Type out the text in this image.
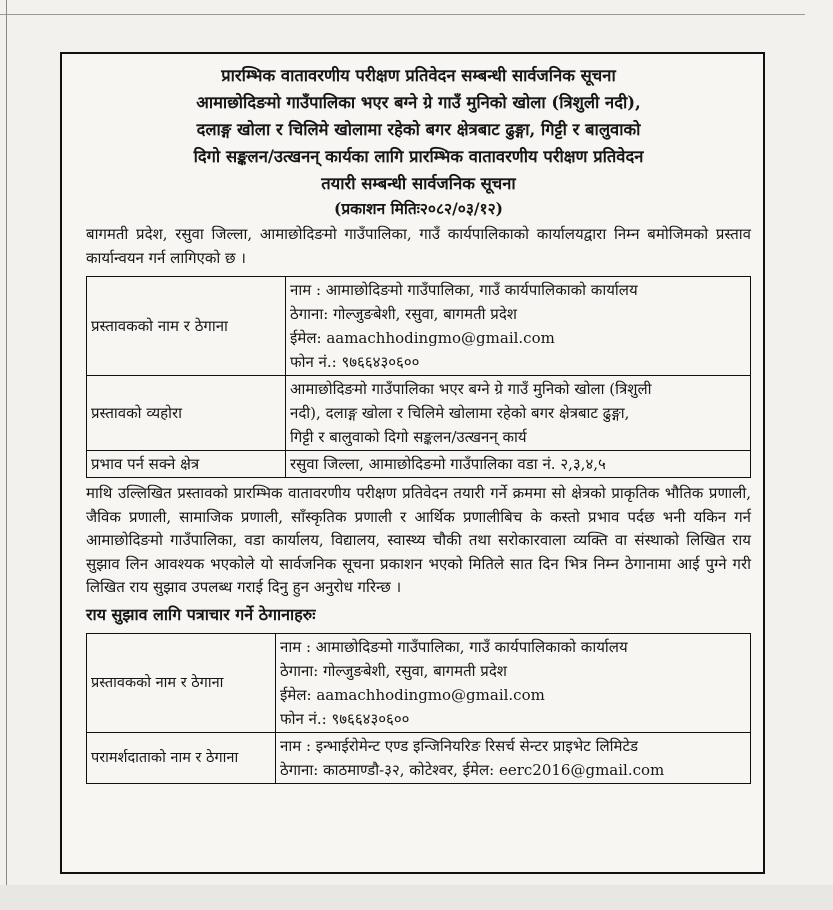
प्रारम्भिक वातावरणीय परीक्षण प्रतिवेदन सम्बन्धी सार्वजनिक सूचना

आमाछोदिङमो गाउँपालिका भएर बग्ने ग्रे गाउँ मुनिको खोला (त्रिशुली नदी),

दलाङ्ग खोला र चिलिमे खोलामा रहेको बगर क्षेत्रबाट ढुङ्गा, गिट्टी र बालुवाको

दिगो सङ्कलन/उत्खनन् कार्यका लागि प्रारम्भिक वातावरणीय परीक्षण प्रतिवेदन

तयारी सम्बन्धी सार्वजनिक सूचना

(प्रकाशन मितिः२०८२/०३/१२)

बागमती प्रदेश, रसुवा जिल्ला, आमाछोदिङमो गाउँपालिका, गाउँ कार्यपालिकाको कार्यालयद्वारा निम्न बमोजिमको प्रस्ताव कार्यान्वयन गर्न लागिएको छ ।

प्रस्तावकको नाम र ठेगाना	नाम : आमाछोदिङमो गाउँपालिका, गाउँ कार्यपालिकाको कार्यालय
ठेगाना: गोल्जुङबेशी, रसुवा, बागमती प्रदेश
ईमेल: aamachhodingmo@gmail.com
फोन नं.: ९७६६४३०६००

प्रस्तावको व्यहोरा	आमाछोदिङमो गाउँपालिका भएर बग्ने ग्रे गाउँ मुनिको खोला (त्रिशुली
नदी), दलाङ्ग खोला र चिलिमे खोलामा रहेको बगर क्षेत्रबाट ढुङ्गा,
गिट्टी र बालुवाको दिगो सङ्कलन/उत्खनन् कार्य

प्रभाव पर्न सक्ने क्षेत्र	रसुवा जिल्ला, आमाछोदिङमो गाउँपालिका वडा नं. २,३,४,५

माथि उल्लिखित प्रस्तावको प्रारम्भिक वातावरणीय परीक्षण प्रतिवेदन तयारी गर्ने क्रममा सो क्षेत्रको प्राकृतिक भौतिक प्रणाली, जैविक प्रणाली, सामाजिक प्रणाली, साँस्कृतिक प्रणाली र आर्थिक प्रणालीबिच के कस्तो प्रभाव पर्दछ भनी यकिन गर्न आमाछोदिङमो गाउँपालिका, वडा कार्यालय, विद्यालय, स्वास्थ्य चौकी तथा सरोकारवाला व्यक्ति वा संस्थाको लिखित राय सुझाव लिन आवश्यक भएकोले यो सार्वजनिक सूचना प्रकाशन भएको मितिले सात दिन भित्र निम्न ठेगानामा आई पुग्ने गरी लिखित राय सुझाव उपलब्ध गराई दिनु हुन अनुरोध गरिन्छ ।

राय सुझाव लागि पत्राचार गर्ने ठेगानाहरुः
प्रस्तावकको नाम र ठेगाना	नाम : आमाछोदिङमो गाउँपालिका, गाउँ कार्यपालिकाको कार्यालय
ठेगाना: गोल्जुङबेशी, रसुवा, बागमती प्रदेश
ईमेल: aamachhodingmo@gmail.com
फोन नं.: ९७६६४३०६००

परामर्शदाताको नाम र ठेगाना	नाम : इन्भाईरोमेन्ट एण्ड इन्जिनियरिङ रिसर्च सेन्टर प्राइभेट लिमिटेड
ठेगाना: काठमाण्डौ-३२, कोटेश्वर, ईमेल: eerc2016@gmail.com
